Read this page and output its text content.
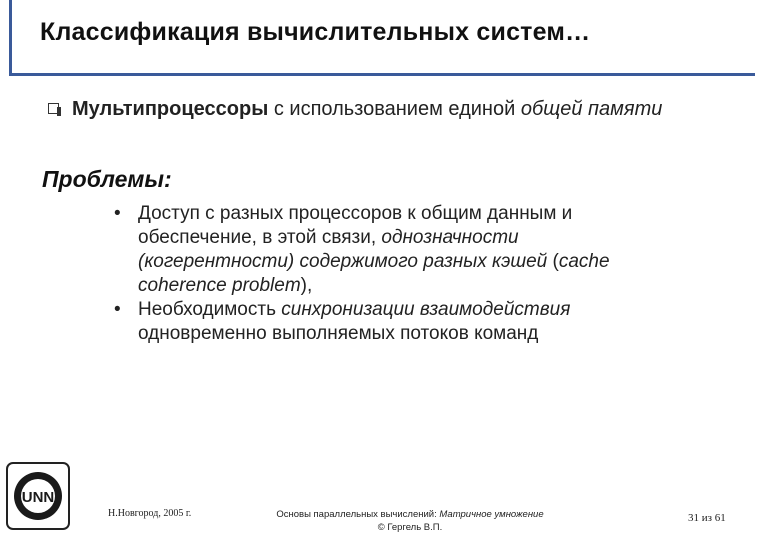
Классификация вычислительных систем…
Мультипроцессоры с использованием единой общей памяти
Проблемы:
• Доступ с разных процессоров к общим данным и обеспечение, в этой связи, однозначности (когерентности) содержимого разных кэшей (cache coherence problem),
• Необходимость синхронизации взаимодействия одновременно выполняемых потоков команд
UNN
Н.Новгород, 2005 г.	Основы параллельных вычислений: Матричное умножение
© Гергель В.П.
31 из 61
